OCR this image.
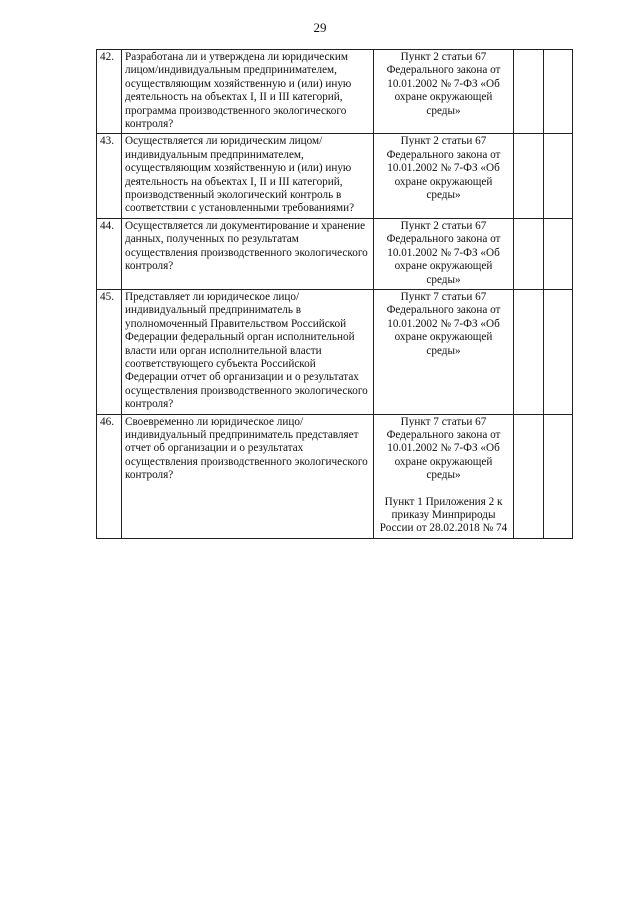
29
42.	Разработана ли и утверждена ли юридическим лицом/индивидуальным предпринимателем, осуществляющим хозяйственную и (или) иную деятельность на объектах I, II и III категорий, программа производственного экологического контроля?	Пункт 2 статьи 67 Федерального закона от 10.01.2002 № 7-ФЗ «Об охране окружающей среды»		

43.	Осуществляется ли юридическим лицом/ индивидуальным предпринимателем, осуществляющим хозяйственную и (или) иную деятельность на объектах I, II и III категорий, производственный экологический контроль в соответствии с установленными требованиями?	Пункт 2 статьи 67 Федерального закона от 10.01.2002 № 7-ФЗ «Об охране окружающей среды»		

44.	Осуществляется ли документирование и хранение данных, полученных по результатам осуществления производственного экологического контроля?	Пункт 2 статьи 67 Федерального закона от 10.01.2002 № 7-ФЗ «Об охране окружающей среды»		

45.	Представляет ли юридическое лицо/ индивидуальный предприниматель в уполномоченный Правительством Российской Федерации федеральный орган исполнительной власти или орган исполнительной власти соответствующего субъекта Российской Федерации отчет об организации и о результатах осуществления производственного экологического контроля?	Пункт 7 статьи 67 Федерального закона от 10.01.2002 № 7-ФЗ «Об охране окружающей среды»		

46.	Своевременно ли юридическое лицо/ индивидуальный предприниматель представляет отчет об организации и о результатах осуществления производственного экологического контроля?	Пункт 7 статьи 67 Федерального закона от 10.01.2002 № 7-ФЗ «Об охране окружающей среды»
Пункт 1 Приложения 2 к приказу Минприроды России от 28.02.2018 № 74		
